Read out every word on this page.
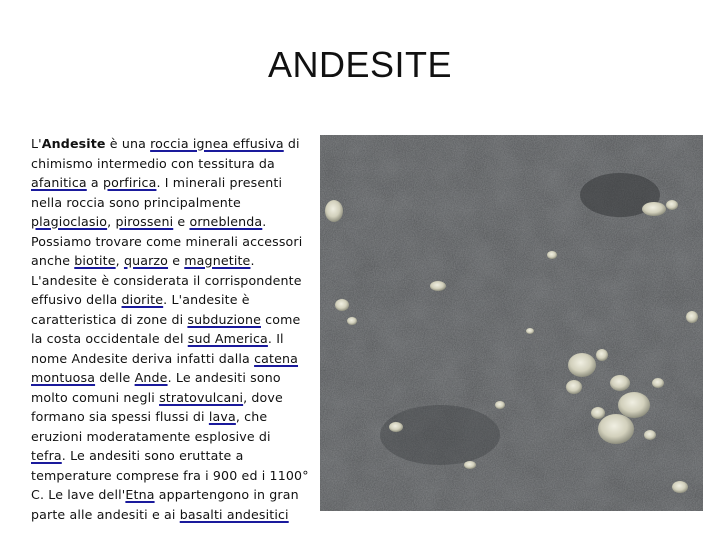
ANDESITE
L'Andesite è una roccia ignea effusiva di chimismo intermedio con tessitura da afanitica a porfirica. I minerali presenti nella roccia sono principalmente plagioclasio, pirosseni e orneblenda. Possiamo trovare come minerali accessori anche biotite, quarzo e magnetite. L'andesite è considerata il corrispondente effusivo della diorite. L'andesite è caratteristica di zone di subduzione come la costa occidentale del sud America. Il nome Andesite deriva infatti dalla catena montuosa delle Ande. Le andesiti sono molto comuni negli stratovulcani, dove formano sia spessi flussi di lava, che eruzioni moderatamente esplosive di tefra. Le andesiti sono eruttate a temperature comprese fra i 900 ed i 1100° C. Le lave dell'Etna appartengono in gran parte alle andesiti e ai basalti andesitici
